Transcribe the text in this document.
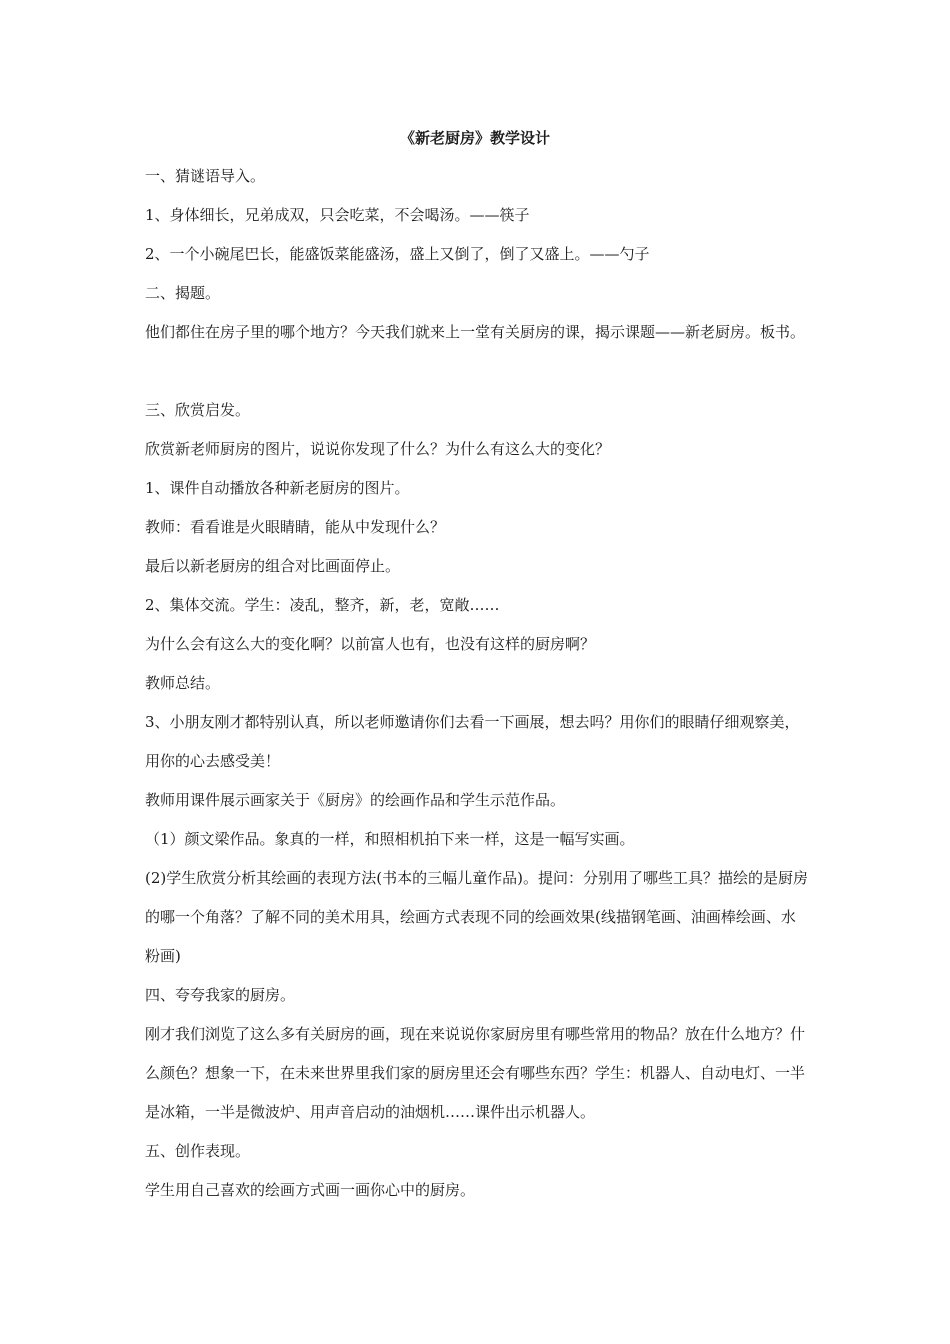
《新老厨房》教学设计

一、猜谜语导入。

1、身体细长，兄弟成双，只会吃菜，不会喝汤。——筷子

2、一个小碗尾巴长，能盛饭菜能盛汤，盛上又倒了，倒了又盛上。——勺子

二、揭题。

他们都住在房子里的哪个地方？今天我们就来上一堂有关厨房的课，揭示课题——新老厨房。板书。

三、欣赏启发。

欣赏新老师厨房的图片，说说你发现了什么？为什么有这么大的变化？

1、课件自动播放各种新老厨房的图片。

教师：看看谁是火眼睛睛，能从中发现什么？

最后以新老厨房的组合对比画面停止。

2、集体交流。学生：凌乱，整齐，新，老，宽敞……

为什么会有这么大的变化啊？以前富人也有，也没有这样的厨房啊？

教师总结。

3、小朋友刚才都特别认真，所以老师邀请你们去看一下画展，想去吗？用你们的眼睛仔细观察美，用你的心去感受美！

教师用课件展示画家关于《厨房》的绘画作品和学生示范作品。

（1）颜文梁作品。象真的一样，和照相机拍下来一样，这是一幅写实画。

(2)学生欣赏分析其绘画的表现方法(书本的三幅儿童作品)。提问：分别用了哪些工具？描绘的是厨房的哪一个角落？了解不同的美术用具，绘画方式表现不同的绘画效果(线描钢笔画、油画棒绘画、水粉画)

四、夸夸我家的厨房。

刚才我们浏览了这么多有关厨房的画，现在来说说你家厨房里有哪些常用的物品？放在什么地方？什么颜色？想象一下，在未来世界里我们家的厨房里还会有哪些东西？学生：机器人、自动电灯、一半是冰箱，一半是微波炉、用声音启动的油烟机……课件出示机器人。

五、创作表现。

学生用自己喜欢的绘画方式画一画你心中的厨房。
